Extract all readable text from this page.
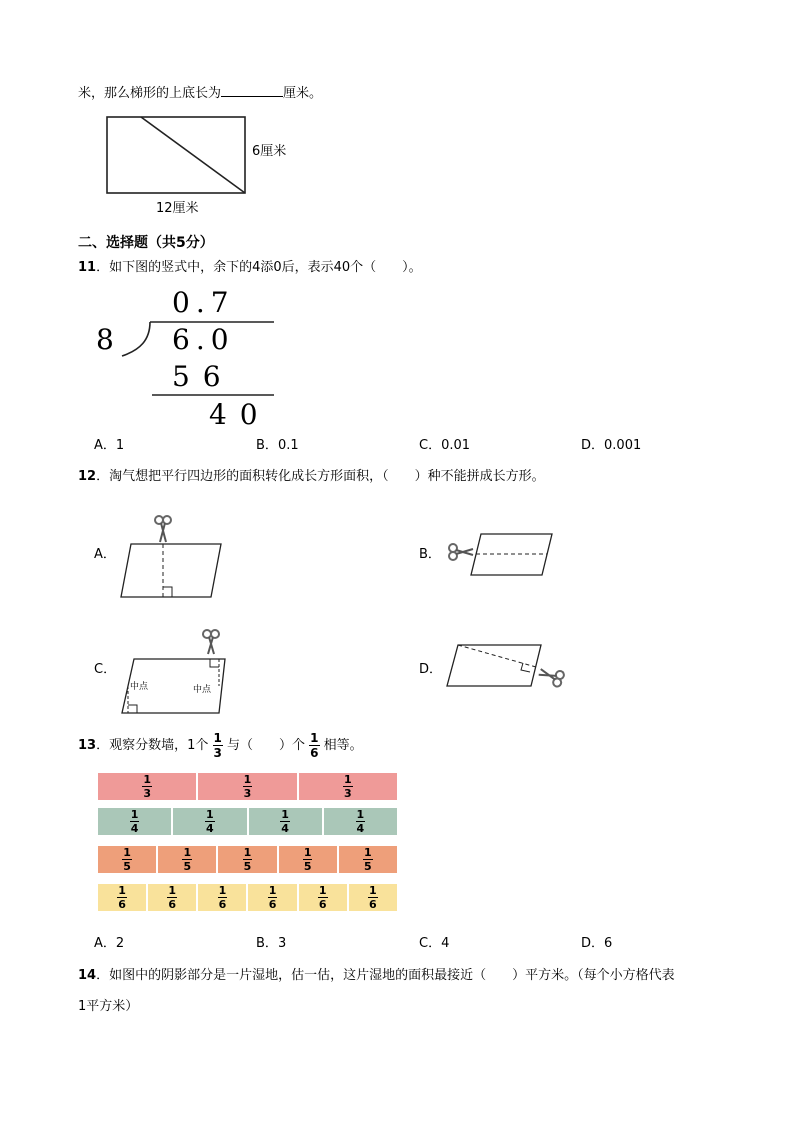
米，那么梯形的上底长为	厘米。
6厘米
12厘米
二、选择题（共5分）
11．如下图的竖式中，余下的4添0后，表示40个（　　）。
0.7
8 6.0
5 6
4 0
A．1	B．0.1	C．0.01	D．0.001
12．淘气想把平行四边形的面积转化成长方形面积，（　　）种不能拼成长方形。
A．	B．
C．	D．
中点	中点
13．观察分数墙，1个 $\frac{1}{3}$ 与（　　）个 $\frac{1}{6}$ 相等。
$\frac{1}{3}$	$\frac{1}{3}$	$\frac{1}{3}$
$\frac{1}{4}$	$\frac{1}{4}$	$\frac{1}{4}$	$\frac{1}{4}$
$\frac{1}{5}$	$\frac{1}{5}$	$\frac{1}{5}$	$\frac{1}{5}$	$\frac{1}{5}$
$\frac{1}{6}$	$\frac{1}{6}$	$\frac{1}{6}$	$\frac{1}{6}$	$\frac{1}{6}$	$\frac{1}{6}$
A．2	B．3	C．4	D．6
14．如图中的阴影部分是一片湿地，估一估，这片湿地的面积最接近（　　）平方米。（每个小方格代表
1平方米）
